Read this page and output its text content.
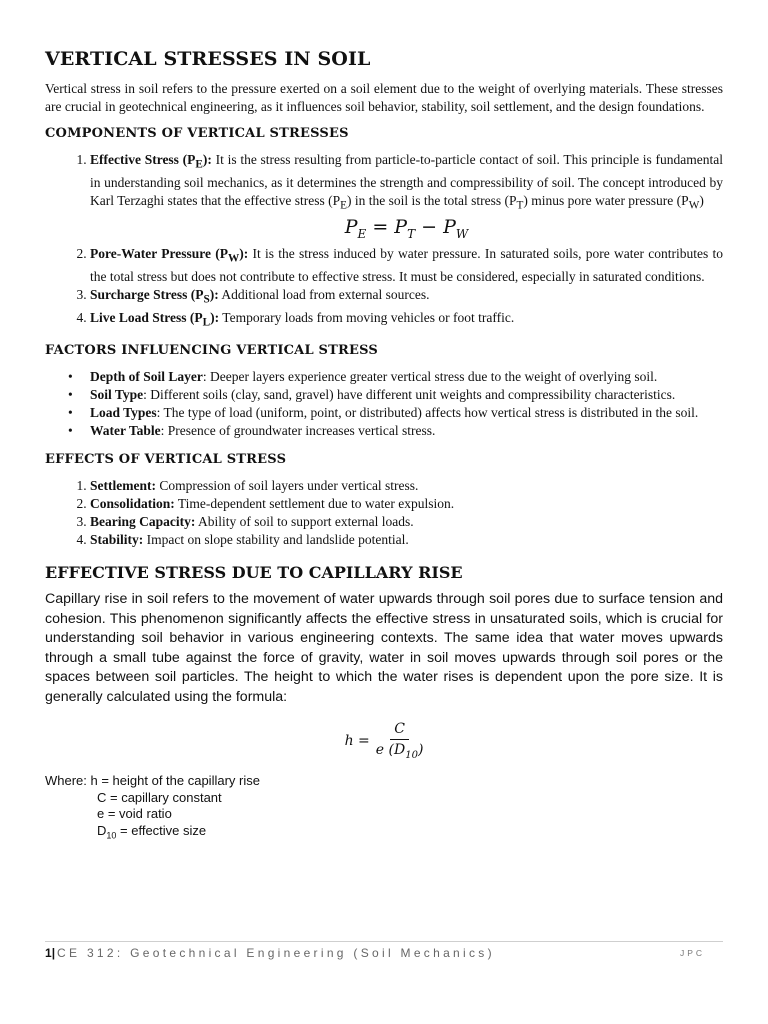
VERTICAL STRESSES IN SOIL

Vertical stress in soil refers to the pressure exerted on a soil element due to the weight of overlying materials. These stresses are crucial in geotechnical engineering, as it influences soil behavior, stability, soil settlement, and the design foundations.

COMPONENTS OF VERTICAL STRESSES
1. Effective Stress $(P_E)$: It is the stress resulting from particle-to-particle contact of soil. This principle is fundamental in understanding soil mechanics, as it determines the strength and compressibility of soil. The concept introduced by Karl Terzaghi states that the effective stress $(P_E)$ in the soil is the total stress $(P_T)$ minus pore water pressure $(P_W)$
$P_E = P_T - P_W$
2. Pore-Water Pressure $(P_W)$: It is the stress induced by water pressure. In saturated soils, pore water contributes to the total stress but does not contribute to effective stress. It must be considered, especially in saturated conditions.
3. Surcharge Stress $(P_S)$: Additional load from external sources.
4. Live Load Stress $(P_L)$: Temporary loads from moving vehicles or foot traffic.
FACTORS INFLUENCING VERTICAL STRESS
• Depth of Soil Layer: Deeper layers experience greater vertical stress due to the weight of overlying soil.
• Soil Type: Different soils (clay, sand, gravel) have different unit weights and compressibility characteristics.
• Load Types: The type of load (uniform, point, or distributed) affects how vertical stress is distributed in the soil.
• Water Table: Presence of groundwater increases vertical stress.
EFFECTS OF VERTICAL STRESS
1. Settlement: Compression of soil layers under vertical stress.
2. Consolidation: Time-dependent settlement due to water expulsion.
3. Bearing Capacity: Ability of soil to support external loads.
4. Stability: Impact on slope stability and landslide potential.
EFFECTIVE STRESS DUE TO CAPILLARY RISE

Capillary rise in soil refers to the movement of water upwards through soil pores due to surface tension and cohesion. This phenomenon significantly affects the effective stress in unsaturated soils, which is crucial for understanding soil behavior in various engineering contexts. The same idea that water moves upwards through a small tube against the force of gravity, water in soil moves upwards through soil pores or the spaces between soil particles. The height to which the water rises is dependent upon the pore size. It is generally calculated using the formula:

$h = \frac{C}{e (D_{10})}$
Where: h = height of the capillary rise
C = capillary constant
e = void ratio
$D_{10}$ = effective size
1| CE 312: Geotechnical Engineering (Soil Mechanics)	JPC
